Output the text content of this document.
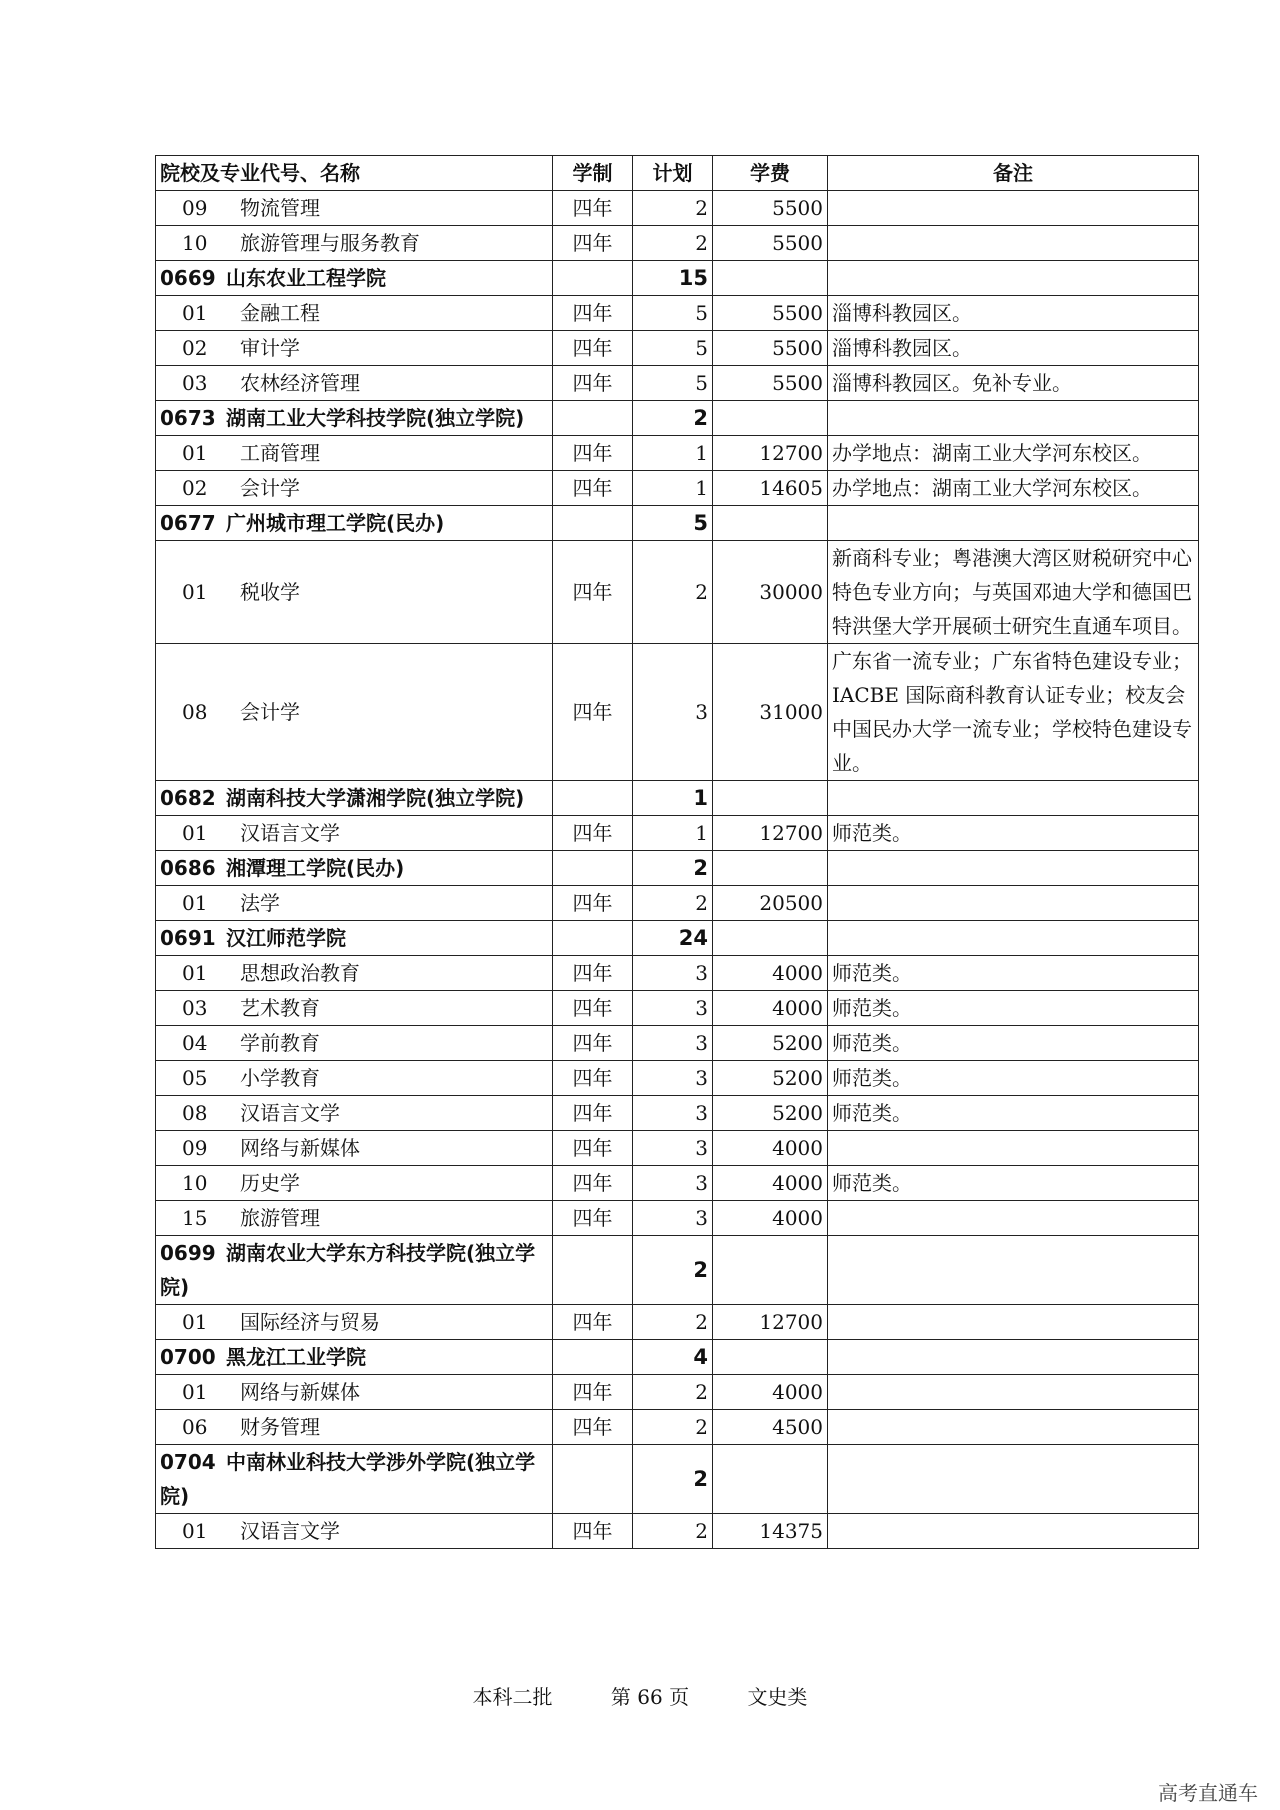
院校及专业代号、名称	学制	计划	学费	备注
09 物流管理	四年	2	5500	
10 旅游管理与服务教育	四年	2	5500	
0669 山东农业工程学院		15		
01 金融工程	四年	5	5500	淄博科教园区。
02 审计学	四年	5	5500	淄博科教园区。
03 农林经济管理	四年	5	5500	淄博科教园区。免补专业。
0673 湖南工业大学科技学院(独立学院)		2		
01 工商管理	四年	1	12700	办学地点：湖南工业大学河东校区。
02 会计学	四年	1	14605	办学地点：湖南工业大学河东校区。
0677 广州城市理工学院(民办)		5		
01 税收学	四年	2	30000	新商科专业；粤港澳大湾区财税研究中心特色专业方向；与英国邓迪大学和德国巴特洪堡大学开展硕士研究生直通车项目。
08 会计学	四年	3	31000	广东省一流专业；广东省特色建设专业；IACBE 国际商科教育认证专业；校友会中国民办大学一流专业；学校特色建设专业。
0682 湖南科技大学潇湘学院(独立学院)		1		
01 汉语言文学	四年	1	12700	师范类。
0686 湘潭理工学院(民办)		2		
01 法学	四年	2	20500	
0691 汉江师范学院		24		
01 思想政治教育	四年	3	4000	师范类。
03 艺术教育	四年	3	4000	师范类。
04 学前教育	四年	3	5200	师范类。
05 小学教育	四年	3	5200	师范类。
08 汉语言文学	四年	3	5200	师范类。
09 网络与新媒体	四年	3	4000	
10 历史学	四年	3	4000	师范类。
15 旅游管理	四年	3	4000	
0699 湖南农业大学东方科技学院(独立学院)		2		
01 国际经济与贸易	四年	2	12700	
0700 黑龙江工业学院		4		
01 网络与新媒体	四年	2	4000	
06 财务管理	四年	2	4500	
0704 中南林业科技大学涉外学院(独立学院)		2		
01 汉语言文学	四年	2	14375	
本科二批	第 66 页	文史类
高考直通车
